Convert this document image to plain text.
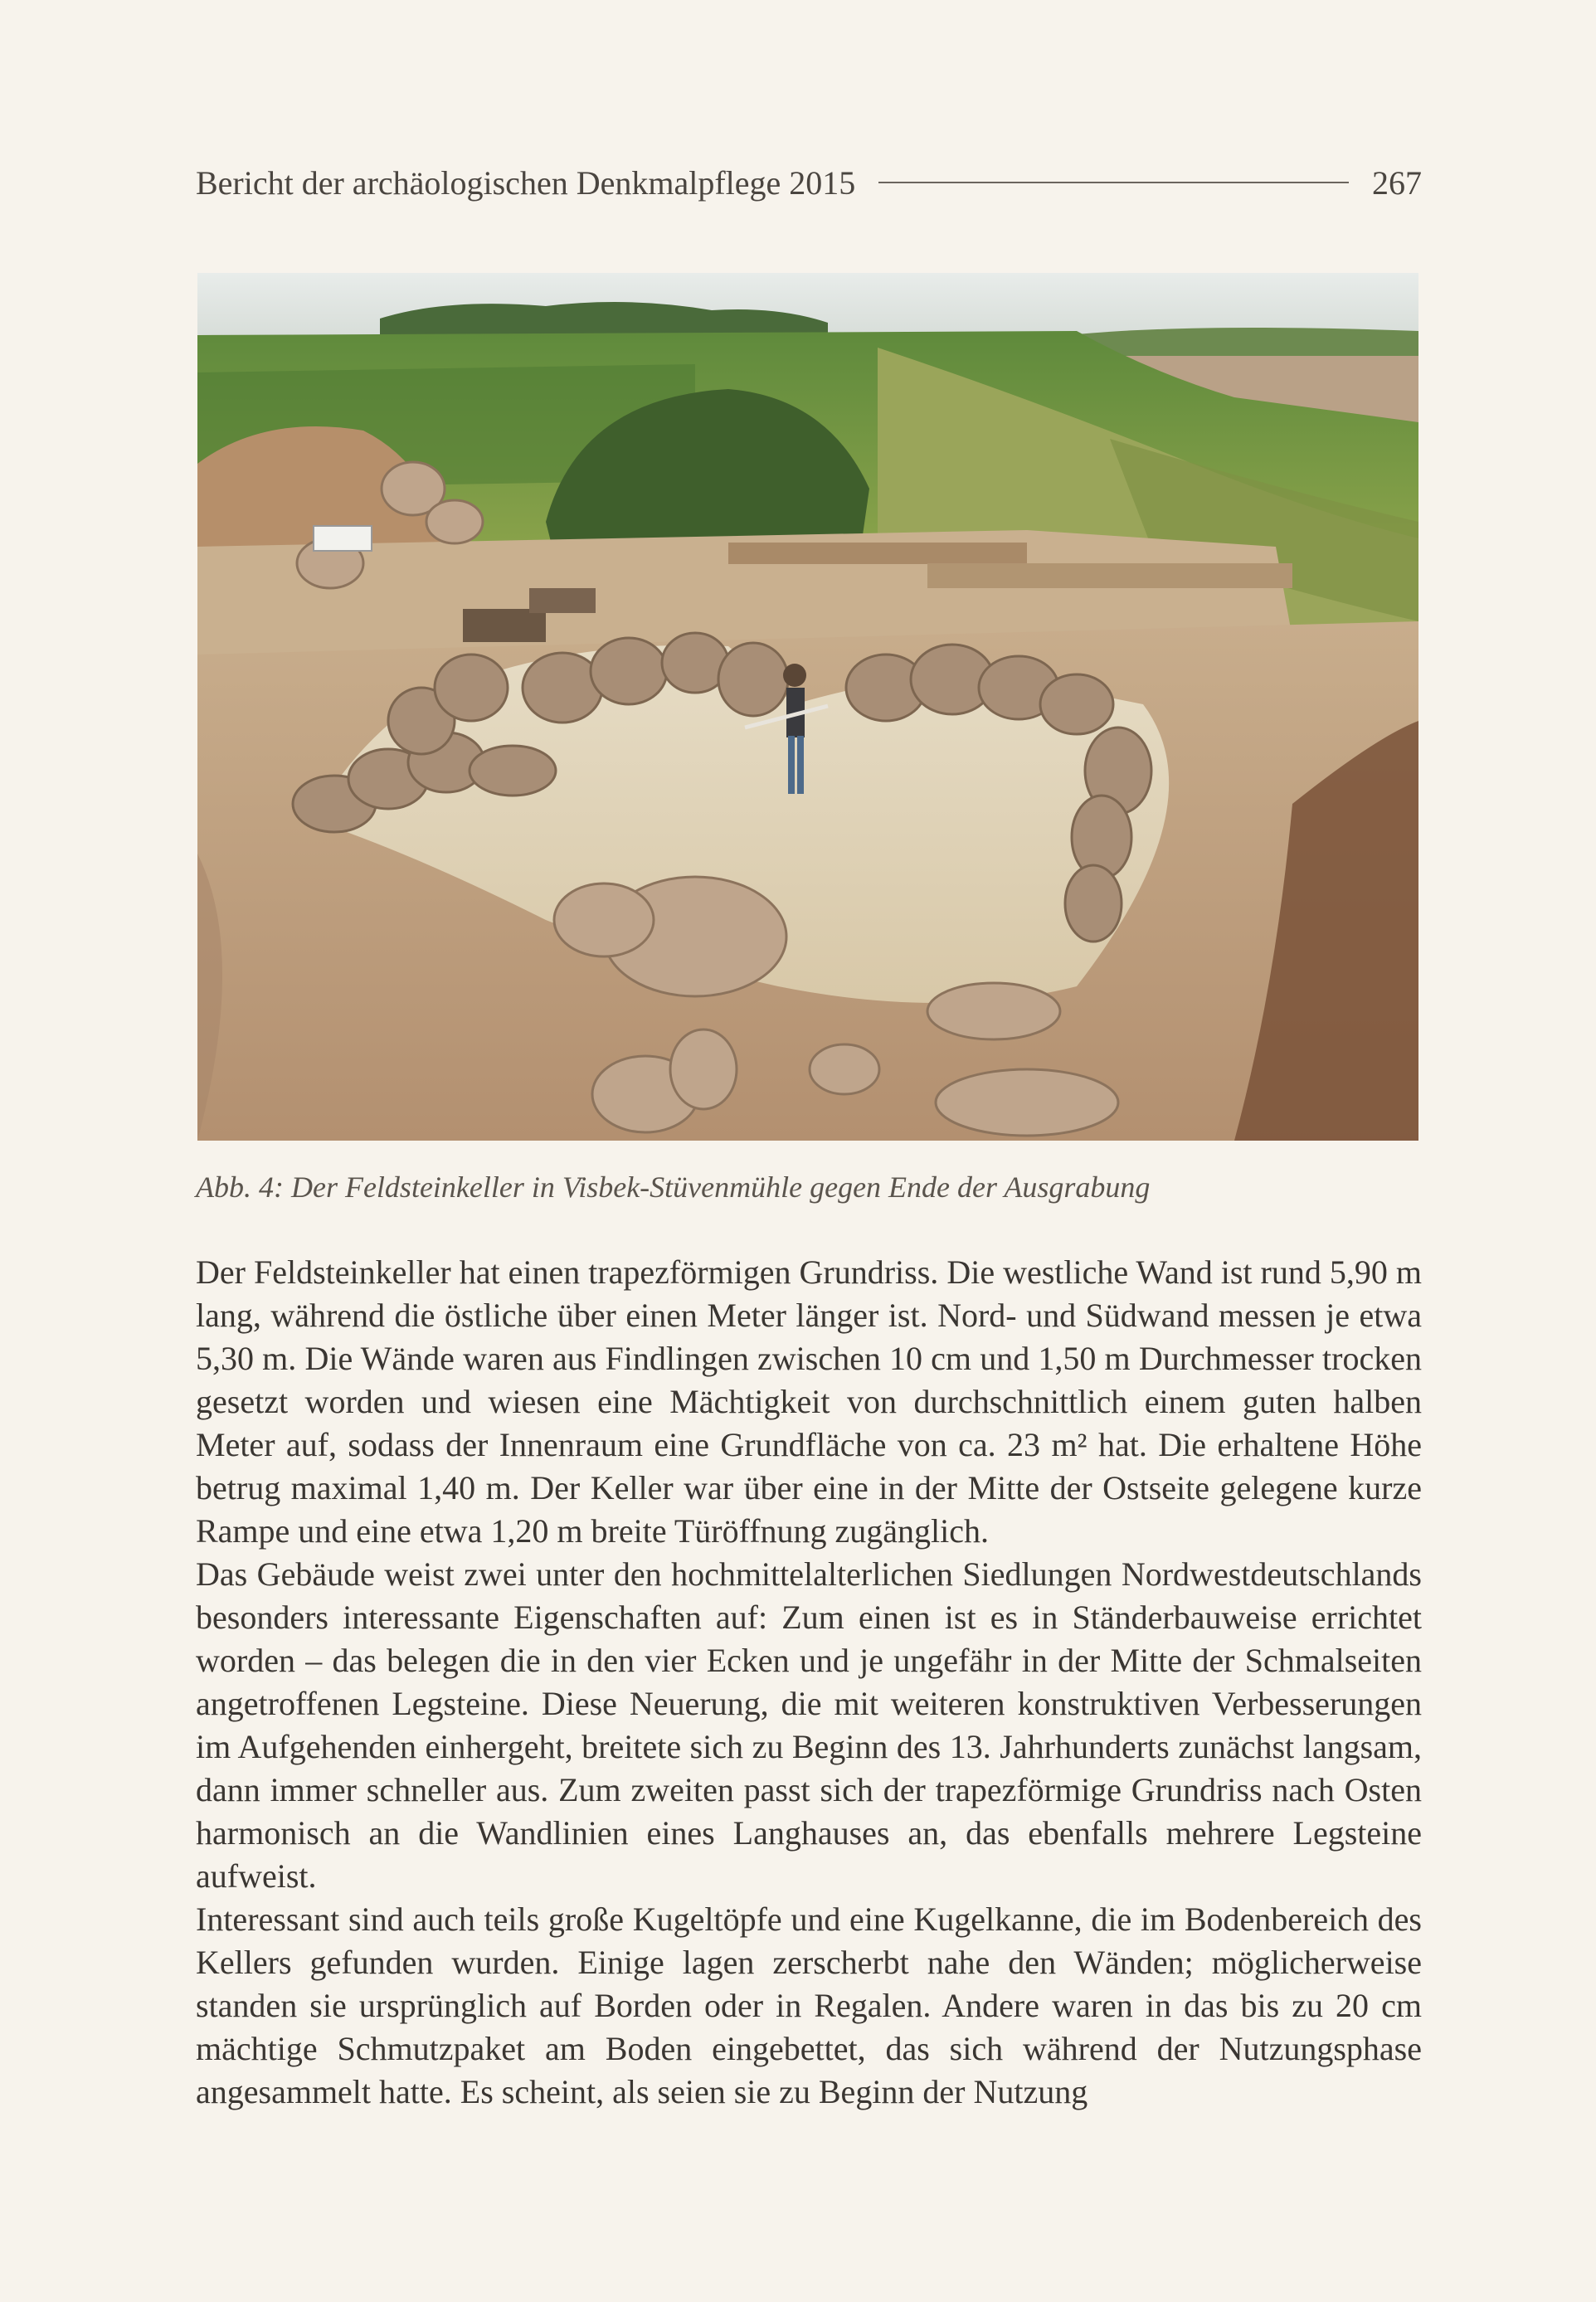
Bericht der archäologischen Denkmalpflege 2015	267
Abb. 4: Der Feldsteinkeller in Visbek-Stüvenmühle gegen Ende der Ausgrabung

Der Feldsteinkeller hat einen trapezförmigen Grundriss. Die westliche Wand ist rund 5,90 m lang, während die östliche über einen Meter länger ist. Nord- und Südwand messen je etwa 5,30 m. Die Wände waren aus Findlingen zwischen 10 cm und 1,50 m Durchmesser trocken gesetzt worden und wiesen eine Mächtigkeit von durchschnittlich einem guten halben Meter auf, sodass der Innenraum eine Grundfläche von ca. 23 m² hat. Die erhaltene Höhe betrug maximal 1,40 m. Der Keller war über eine in der Mitte der Ostseite gelegene kurze Rampe und eine etwa 1,20 m breite Türöffnung zugänglich.

Das Gebäude weist zwei unter den hochmittelalterlichen Siedlungen Nordwestdeutschlands besonders interessante Eigenschaften auf: Zum einen ist es in Ständerbauweise errichtet worden – das belegen die in den vier Ecken und je ungefähr in der Mitte der Schmalseiten angetroffenen Legsteine. Diese Neuerung, die mit weiteren konstruktiven Verbesserungen im Aufgehenden einhergeht, breitete sich zu Beginn des 13. Jahrhunderts zunächst langsam, dann immer schneller aus. Zum zweiten passt sich der trapezförmige Grundriss nach Osten harmonisch an die Wandlinien eines Langhauses an, das ebenfalls mehrere Legsteine aufweist.

Interessant sind auch teils große Kugeltöpfe und eine Kugelkanne, die im Bodenbereich des Kellers gefunden wurden. Einige lagen zerscherbt nahe den Wänden; möglicherweise standen sie ursprünglich auf Borden oder in Regalen. Andere waren in das bis zu 20 cm mächtige Schmutzpaket am Boden eingebettet, das sich während der Nutzungsphase angesammelt hatte. Es scheint, als seien sie zu Beginn der Nutzung
